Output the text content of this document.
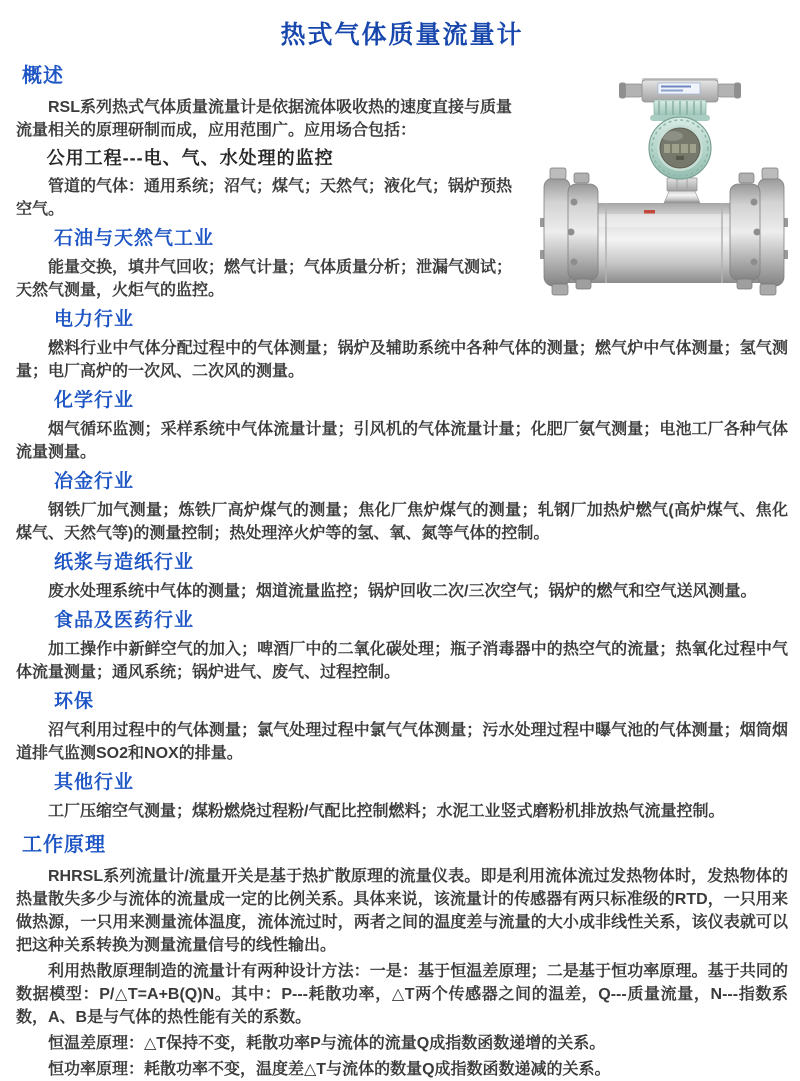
热式气体质量流量计
概述

RSL系列热式气体质量流量计是依据流体吸收热的速度直接与质量流量相关的原理研制而成，应用范围广。应用场合包括：

公用工程---电、气、水处理的监控

管道的气体：通用系统；沼气；煤气；天然气；液化气；锅炉预热空气。

石油与天然气工业

能量交换，填井气回收；燃气计量；气体质量分析；泄漏气测试；天然气测量，火炬气的监控。

电力行业

燃料行业中气体分配过程中的气体测量；锅炉及辅助系统中各种气体的测量；燃气炉中气体测量；氢气测量；电厂高炉的一次风、二次风的测量。

化学行业

烟气循环监测；采样系统中气体流量计量；引风机的气体流量计量；化肥厂氨气测量；电池工厂各种气体流量测量。

冶金行业

钢铁厂加气测量；炼铁厂高炉煤气的测量；焦化厂焦炉煤气的测量；轧钢厂加热炉燃气(高炉煤气、焦化煤气、天然气等)的测量控制；热处理淬火炉等的氢、氧、氮等气体的控制。

纸浆与造纸行业

废水处理系统中气体的测量；烟道流量监控；锅炉回收二次/三次空气；锅炉的燃气和空气送风测量。

食品及医药行业

加工操作中新鲜空气的加入；啤酒厂中的二氧化碳处理；瓶子消毒器中的热空气的流量；热氧化过程中气体流量测量；通风系统；锅炉进气、废气、过程控制。

环保

沼气利用过程中的气体测量；氯气处理过程中氯气气体测量；污水处理过程中曝气池的气体测量；烟筒烟道排气监测SO2和NOX的排量。

其他行业

工厂压缩空气测量；煤粉燃烧过程粉/气配比控制燃料；水泥工业竖式磨粉机排放热气流量控制。

工作原理

RHRSL系列流量计/流量开关是基于热扩散原理的流量仪表。即是利用流体流过发热物体时，发热物体的热量散失多少与流体的流量成一定的比例关系。具体来说，该流量计的传感器有两只标准级的RTD，一只用来做热源，一只用来测量流体温度，流体流过时，两者之间的温度差与流量的大小成非线性关系，该仪表就可以把这种关系转换为测量流量信号的线性输出。

利用热散原理制造的流量计有两种设计方法：一是：基于恒温差原理；二是基于恒功率原理。基于共同的数据模型：P/△T=A+B(Q)N。其中：P---耗散功率，△T两个传感器之间的温差，Q---质量流量，N---指数系数，A、B是与气体的热性能有关的系数。

恒温差原理：△T保持不变，耗散功率P与流体的流量Q成指数函数递增的关系。

恒功率原理：耗散功率不变，温度差△T与流体的数量Q成指数函数递减的关系。
